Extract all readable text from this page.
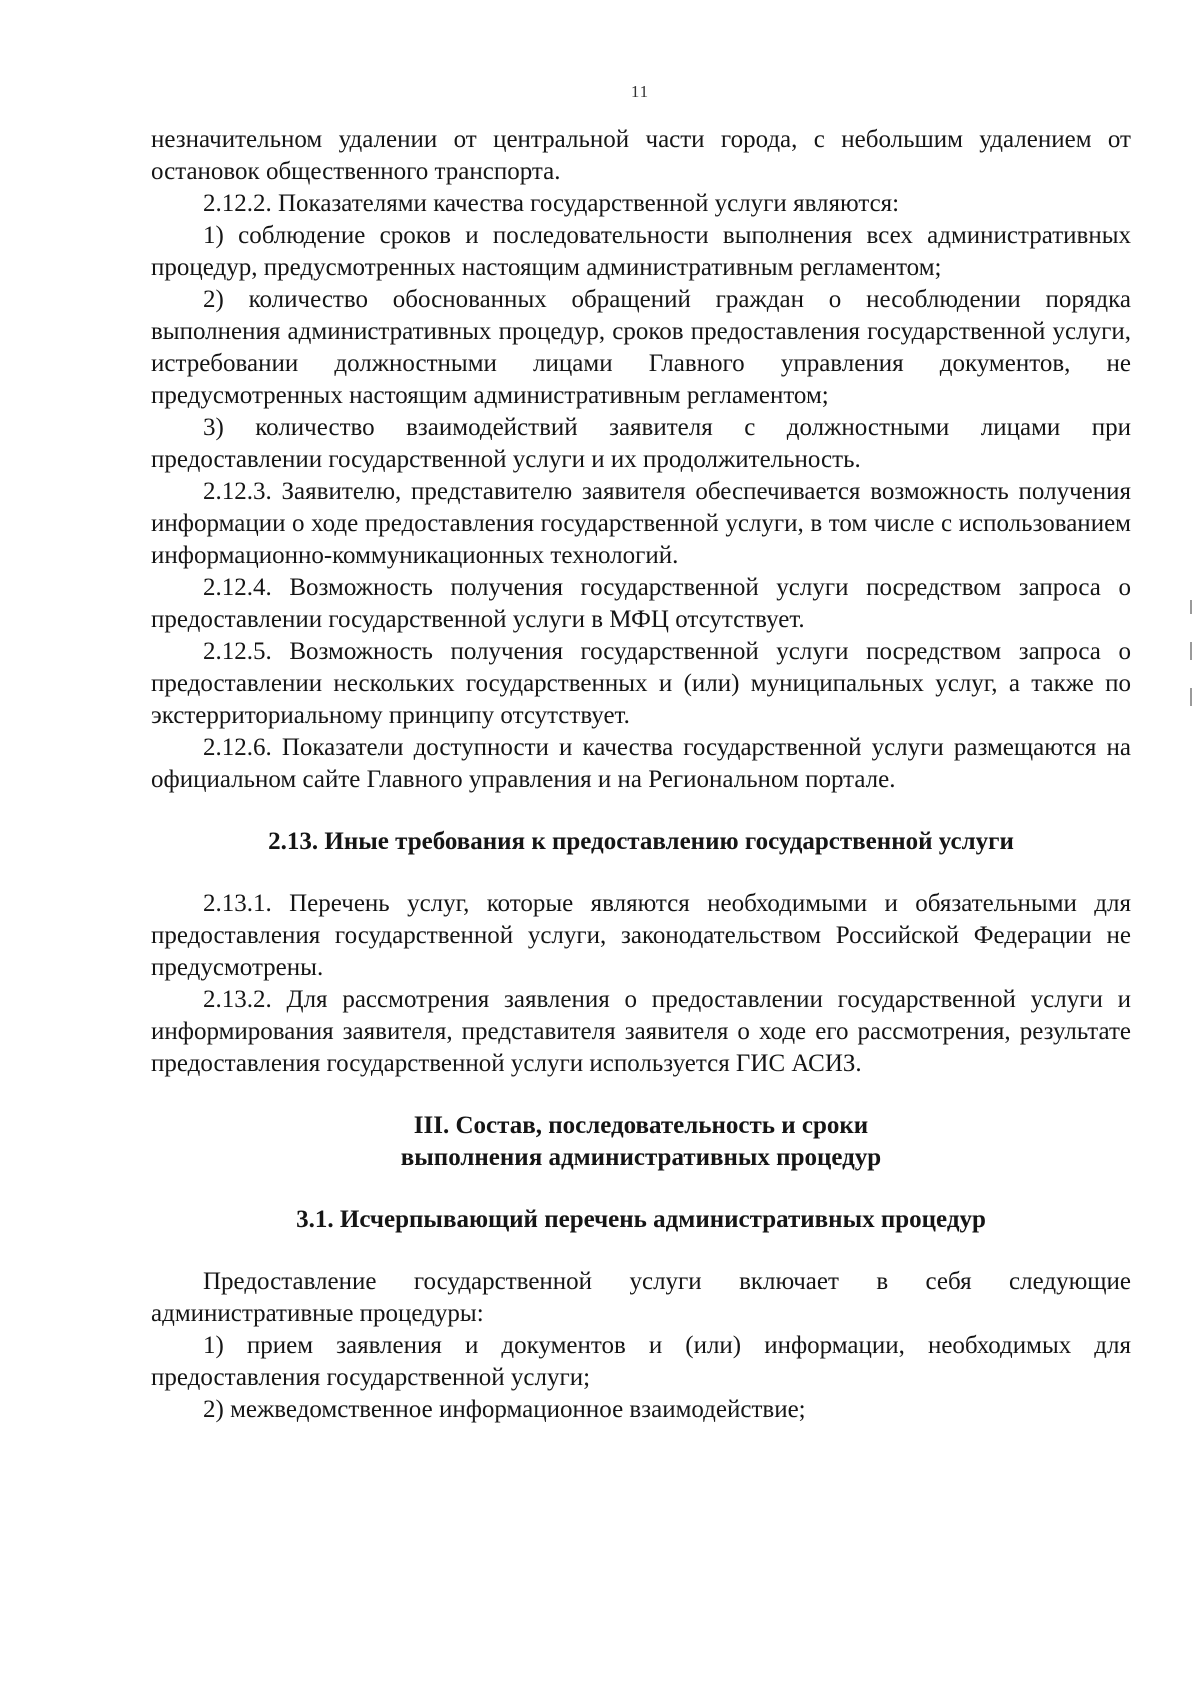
11

незначительном удалении от центральной части города, с небольшим удалением от остановок общественного транспорта.

2.12.2. Показателями качества государственной услуги являются:

1) соблюдение сроков и последовательности выполнения всех административных процедур, предусмотренных настоящим административным регламентом;

2) количество обоснованных обращений граждан о несоблюдении порядка выполнения административных процедур, сроков предоставления государственной услуги, истребовании должностными лицами Главного управления документов, не предусмотренных настоящим административным регламентом;

3) количество взаимодействий заявителя с должностными лицами при предоставлении государственной услуги и их продолжительность.

2.12.3. Заявителю, представителю заявителя обеспечивается возможность получения информации о ходе предоставления государственной услуги, в том числе с использованием информационно-коммуникационных технологий.

2.12.4. Возможность получения государственной услуги посредством запроса о предоставлении государственной услуги в МФЦ отсутствует.

2.12.5. Возможность получения государственной услуги посредством запроса о предоставлении нескольких государственных и (или) муниципальных услуг, а также по экстерриториальному принципу отсутствует.

2.12.6. Показатели доступности и качества государственной услуги размещаются на официальном сайте Главного управления и на Региональном портале.

2.13. Иные требования к предоставлению государственной услуги

2.13.1. Перечень услуг, которые являются необходимыми и обязательными для предоставления государственной услуги, законодательством Российской Федерации не предусмотрены.

2.13.2. Для рассмотрения заявления о предоставлении государственной услуги и информирования заявителя, представителя заявителя о ходе его рассмотрения, результате предоставления государственной услуги используется ГИС АСИЗ.

III. Состав, последовательность и сроки

выполнения административных процедур

3.1. Исчерпывающий перечень административных процедур

Предоставление государственной услуги включает в себя следующие административные процедуры:

1) прием заявления и документов и (или) информации, необходимых для предоставления государственной услуги;

2) межведомственное информационное взаимодействие;
